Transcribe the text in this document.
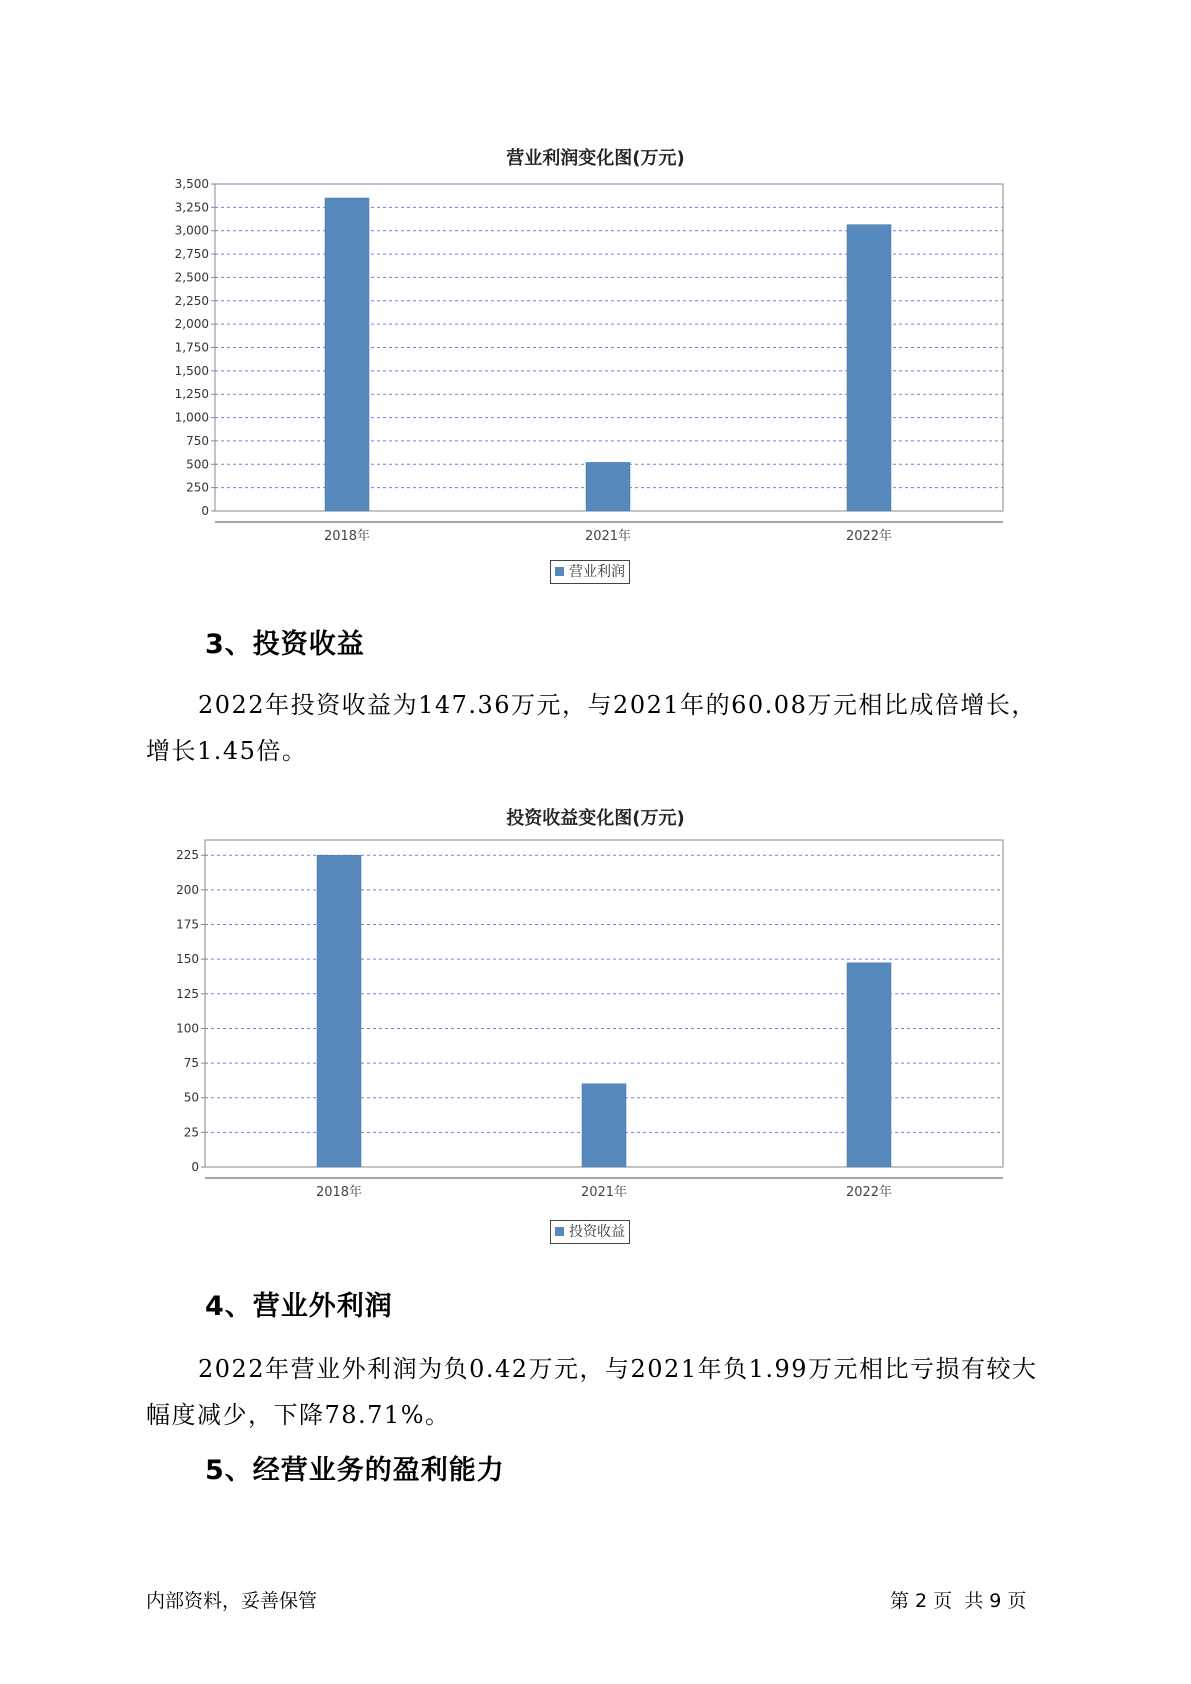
营业利润变化图(万元)
0
250
500
750
1,000
1,250
1,500
1,750
2,000
2,250
2,500
2,750
3,000
3,250
3,500
2018年	2021年	2022年
营业利润
3、投资收益
2022年投资收益为147.36万元，与2021年的60.08万元相比成倍增长，增长1.45倍。
投资收益变化图(万元)
0
25
50
75
100
125
150
175
200
225
2018年	2021年	2022年
投资收益
4、营业外利润
2022年营业外利润为负0.42万元，与2021年负1.99万元相比亏损有较大幅度减少，下降78.71%。
5、经营业务的盈利能力
内部资料，妥善保管	第 2 页  共 9 页
